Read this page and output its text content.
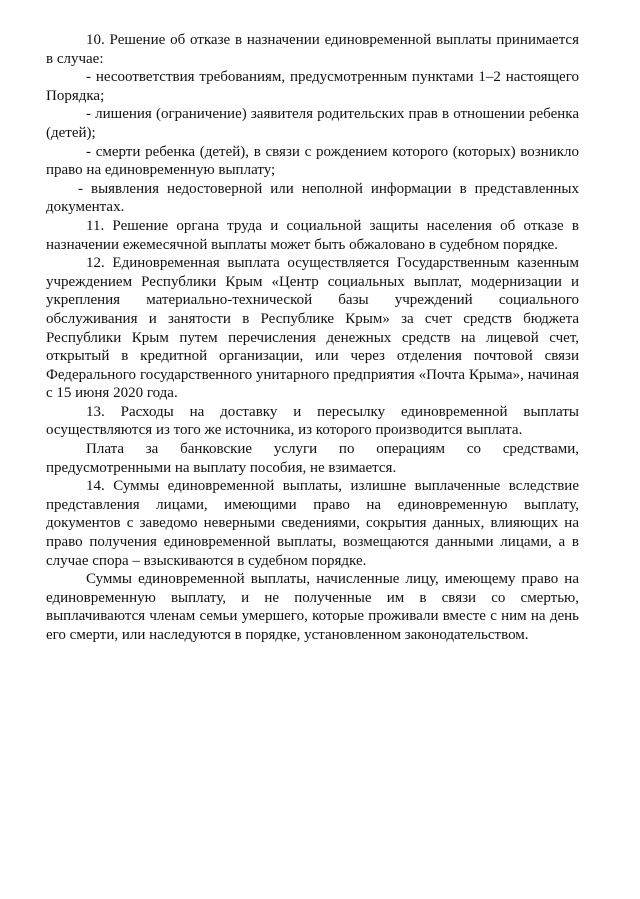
10. Решение об отказе в назначении единовременной выплаты принимается в случае:

- несоответствия требованиям, предусмотренным пунктами 1–2 настоящего Порядка;

- лишения (ограничение) заявителя родительских прав в отношении ребенка (детей);

- смерти ребенка (детей), в связи с рождением которого (которых) возникло право на единовременную выплату;

- выявления недостоверной или неполной информации в представленных документах.

11. Решение органа труда и социальной защиты населения об отказе в назначении ежемесячной выплаты может быть обжаловано в судебном порядке.

12. Единовременная выплата осуществляется Государственным казенным учреждением Республики Крым «Центр социальных выплат, модернизации и укрепления материально-технической базы учреждений социального обслуживания и занятости в Республике Крым» за счет средств бюджета Республики Крым путем перечисления денежных средств на лицевой счет, открытый в кредитной организации, или через отделения почтовой связи Федерального государственного унитарного предприятия «Почта Крыма», начиная с 15 июня 2020 года.

13. Расходы на доставку и пересылку единовременной выплаты осуществляются из того же источника, из которого производится выплата.

Плата за банковские услуги по операциям со средствами, предусмотренными на выплату пособия, не взимается.

14. Суммы единовременной выплаты, излишне выплаченные вследствие представления лицами, имеющими право на единовременную выплату, документов с заведомо неверными сведениями, сокрытия данных, влияющих на право получения единовременной выплаты, возмещаются данными лицами, а в случае спора – взыскиваются в судебном порядке.

Суммы единовременной выплаты, начисленные лицу, имеющему право на единовременную выплату, и не полученные им в связи со смертью, выплачиваются членам семьи умершего, которые проживали вместе с ним на день его смерти, или наследуются в порядке, установленном законодательством.
